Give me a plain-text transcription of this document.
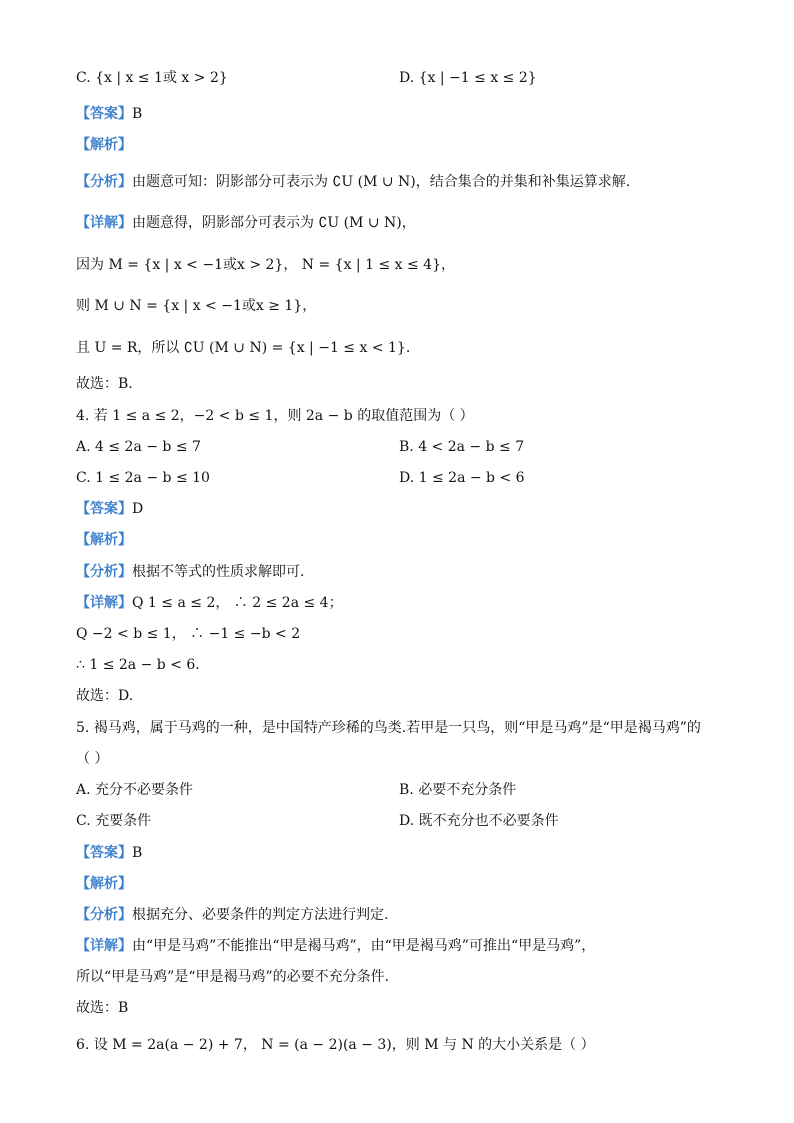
C. {x | x ≤ 1或 x > 2}	D. {x | −1 ≤ x ≤ 2}
【答案】B
【解析】
【分析】由题意可知：阴影部分可表示为 ∁U (M ∪ N)，结合集合的并集和补集运算求解.
【详解】由题意得，阴影部分可表示为 ∁U (M ∪ N)，
因为 M = {x | x < −1或x > 2}， N = {x | 1 ≤ x ≤ 4}，
则 M ∪ N = {x | x < −1或x ≥ 1}，
且 U = R，所以 ∁U (M ∪ N) = {x | −1 ≤ x < 1}.
故选：B.
4. 若 1 ≤ a ≤ 2，−2 < b ≤ 1，则 2a − b 的取值范围为（ ）
A. 4 ≤ 2a − b ≤ 7	B. 4 < 2a − b ≤ 7
C. 1 ≤ 2a − b ≤ 10	D. 1 ≤ 2a − b < 6
【答案】D
【解析】
【分析】根据不等式的性质求解即可.
【详解】Q 1 ≤ a ≤ 2， ∴ 2 ≤ 2a ≤ 4；
Q −2 < b ≤ 1， ∴ −1 ≤ −b < 2
∴ 1 ≤ 2a − b < 6.
故选：D.
5. 褐马鸡，属于马鸡的一种，是中国特产珍稀的鸟类.若甲是一只鸟，则“甲是马鸡”是“甲是褐马鸡”的
（ ）
A. 充分不必要条件	B. 必要不充分条件
C. 充要条件	D. 既不充分也不必要条件
【答案】B
【解析】
【分析】根据充分、必要条件的判定方法进行判定.
【详解】由“甲是马鸡”不能推出“甲是褐马鸡”，由“甲是褐马鸡”可推出“甲是马鸡”，
所以“甲是马鸡”是“甲是褐马鸡”的必要不充分条件.
故选：B
6. 设 M = 2a(a − 2) + 7， N = (a − 2)(a − 3)，则 M 与 N 的大小关系是（ ）
